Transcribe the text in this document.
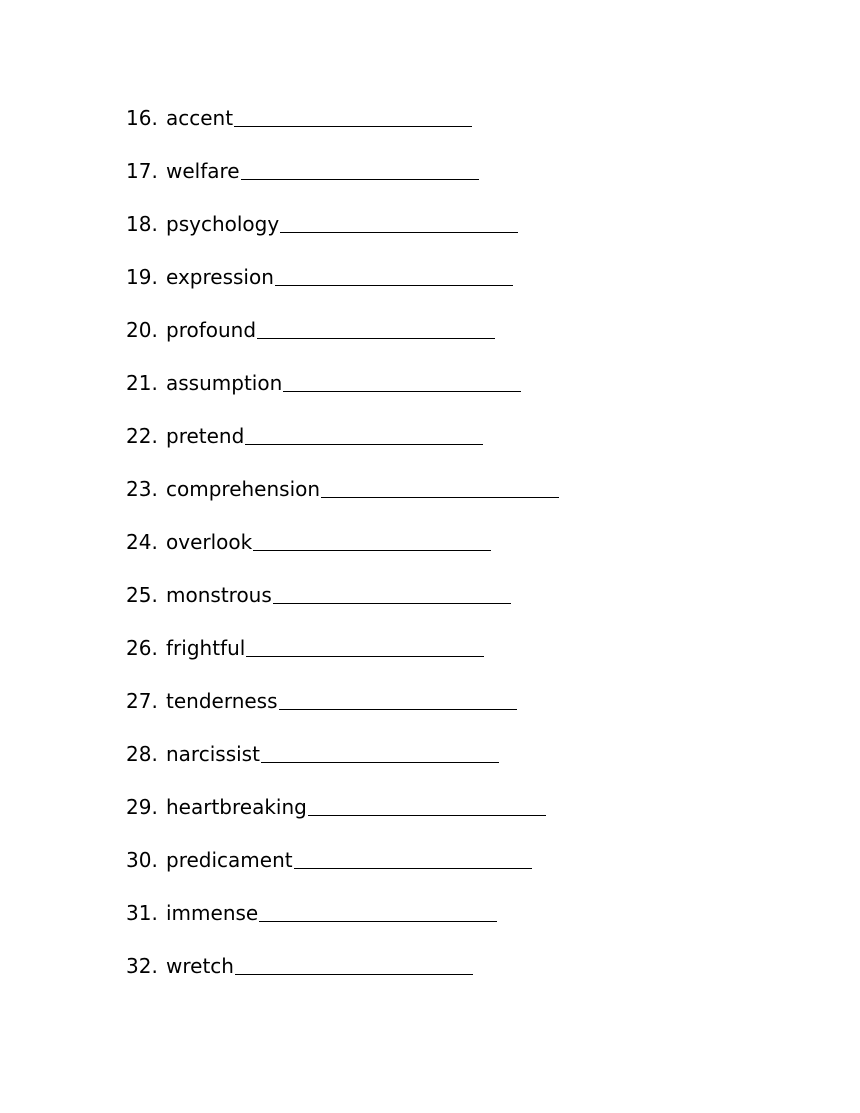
16. accent
17. welfare
18. psychology
19. expression
20. profound
21. assumption
22. pretend
23. comprehension
24. overlook
25. monstrous
26. frightful
27. tenderness
28. narcissist
29. heartbreaking
30. predicament
31. immense
32. wretch
